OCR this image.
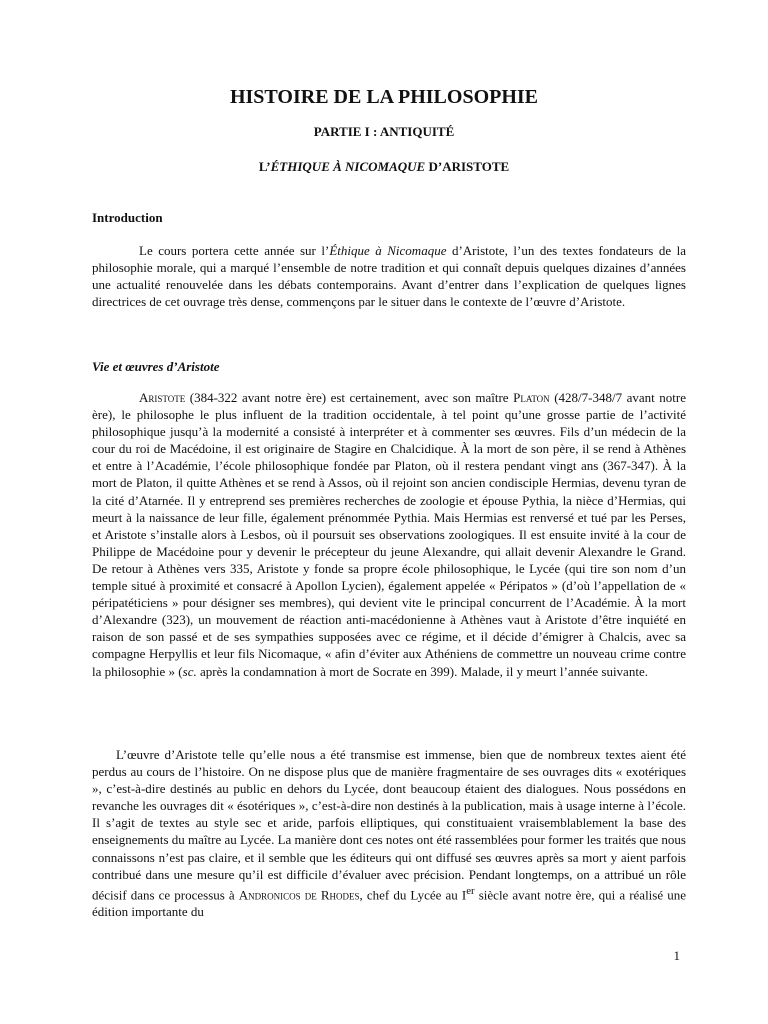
HISTOIRE DE LA PHILOSOPHIE
PARTIE I : ANTIQUITÉ
L’ÉTHIQUE À NICOMAQUE D’ARISTOTE
Introduction

Le cours portera cette année sur l’Éthique à Nicomaque d’Aristote, l’un des textes fondateurs de la philosophie morale, qui a marqué l’ensemble de notre tradition et qui connaît depuis quelques dizaines d’années une actualité renouvelée dans les débats contemporains. Avant d’entrer dans l’explication de quelques lignes directrices de cet ouvrage très dense, commençons par le situer dans le contexte de l’œuvre d’Aristote.

Vie et œuvres d’Aristote

Aristote (384-322 avant notre ère) est certainement, avec son maître Platon (428/7-348/7 avant notre ère), le philosophe le plus influent de la tradition occidentale, à tel point qu’une grosse partie de l’activité philosophique jusqu’à la modernité a consisté à interpréter et à commenter ses œuvres. Fils d’un médecin de la cour du roi de Macédoine, il est originaire de Stagire en Chalcidique. À la mort de son père, il se rend à Athènes et entre à l’Académie, l’école philosophique fondée par Platon, où il restera pendant vingt ans (367-347). À la mort de Platon, il quitte Athènes et se rend à Assos, où il rejoint son ancien condisciple Hermias, devenu tyran de la cité d’Atarnée. Il y entreprend ses premières recherches de zoologie et épouse Pythia, la nièce d’Hermias, qui meurt à la naissance de leur fille, également prénommée Pythia. Mais Hermias est renversé et tué par les Perses, et Aristote s’installe alors à Lesbos, où il poursuit ses observations zoologiques. Il est ensuite invité à la cour de Philippe de Macédoine pour y devenir le précepteur du jeune Alexandre, qui allait devenir Alexandre le Grand. De retour à Athènes vers 335, Aristote y fonde sa propre école philosophique, le Lycée (qui tire son nom d’un temple situé à proximité et consacré à Apollon Lycien), également appelée « Péripatos » (d’où l’appellation de « péripatéticiens » pour désigner ses membres), qui devient vite le principal concurrent de l’Académie. À la mort d’Alexandre (323), un mouvement de réaction anti-macédonienne à Athènes vaut à Aristote d’être inquiété en raison de son passé et de ses sympathies supposées avec ce régime, et il décide d’émigrer à Chalcis, avec sa compagne Herpyllis et leur fils Nicomaque, « afin d’éviter aux Athéniens de commettre un nouveau crime contre la philosophie » (sc. après la condamnation à mort de Socrate en 399). Malade, il y meurt l’année suivante.

L’œuvre d’Aristote telle qu’elle nous a été transmise est immense, bien que de nombreux textes aient été perdus au cours de l’histoire. On ne dispose plus que de manière fragmentaire de ses ouvrages dits « exotériques », c’est-à-dire destinés au public en dehors du Lycée, dont beaucoup étaient des dialogues. Nous possédons en revanche les ouvrages dit « ésotériques », c’est-à-dire non destinés à la publication, mais à usage interne à l’école. Il s’agit de textes au style sec et aride, parfois elliptiques, qui constituaient vraisemblablement la base des enseignements du maître au Lycée. La manière dont ces notes ont été rassemblées pour former les traités que nous connaissons n’est pas claire, et il semble que les éditeurs qui ont diffusé ses œuvres après sa mort y aient parfois contribué dans une mesure qu’il est difficile d’évaluer avec précision. Pendant longtemps, on a attribué un rôle décisif dans ce processus à Andronicos de Rhodes, chef du Lycée au Ier siècle avant notre ère, qui a réalisé une édition importante du

1
